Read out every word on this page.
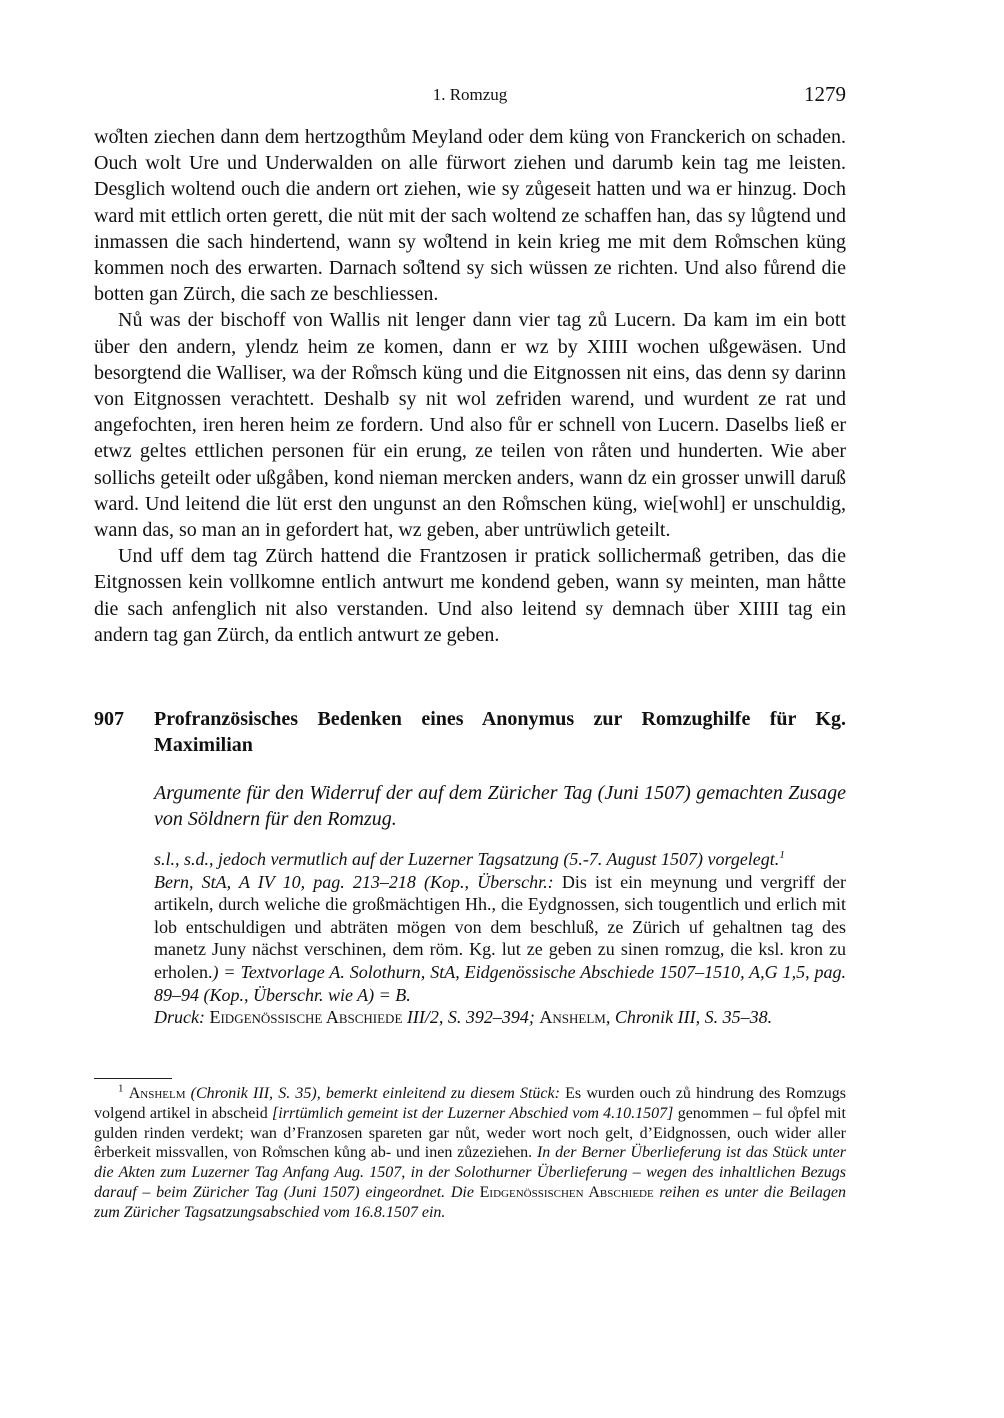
1. Romzug	1279

wo̊lten ziechen dann dem hertzogthům Meyland oder dem küng von Franckerich on schaden. Ouch wolt Ure und Underwalden on alle fürwort ziehen und darumb kein tag me leisten. Desglich woltend ouch die andern ort ziehen, wie sy zůgeseit hatten und wa er hinzug. Doch ward mit ettlich orten gerett, die nüt mit der sach woltend ze schaffen han, das sy lůgtend und inmassen die sach hindertend, wann sy wo̊ltend in kein krieg me mit dem Ro̊mschen küng kommen noch des erwarten. Darnach so̊ltend sy sich wüssen ze richten. Und also fůrend die botten gan Zürch, die sach ze beschliessen.

Nů was der bischoff von Wallis nit lenger dann vier tag zů Lucern. Da kam im ein bott über den andern, ylendz heim ze komen, dann er wz by XIIII wochen ußgewäsen. Und besorgtend die Walliser, wa der Ro̊msch küng und die Eitgnossen nit eins, das denn sy darinn von Eitgnossen verachtett. Deshalb sy nit wol zefriden warend, und wurdent ze rat und angefochten, iren heren heim ze fordern. Und also fůr er schnell von Lucern. Daselbs ließ er etwz geltes ettlichen personen für ein erung, ze teilen von råten und hunderten. Wie aber sollichs geteilt oder ußgåben, kond nieman mercken anders, wann dz ein grosser unwill daruß ward. Und leitend die lüt erst den ungunst an den Ro̊mschen küng, wie[wohl] er unschuldig, wann das, so man an in gefordert hat, wz geben, aber untrüwlich geteilt.

Und uff dem tag Zürch hattend die Frantzosen ir pratick sollichermaß getriben, das die Eitgnossen kein vollkomne entlich antwurt me kondend geben, wann sy meinten, man håtte die sach anfenglich nit also verstanden. Und also leitend sy demnach über XIIII tag ein andern tag gan Zürch, da entlich antwurt ze geben.

907 Profranzösisches Bedenken eines Anonymus zur Romzughilfe für Kg. Maximilian
Argumente für den Widerruf der auf dem Züricher Tag (Juni 1507) gemachten Zusage von Söldnern für den Romzug.

s.l., s.d., jedoch vermutlich auf der Luzerner Tagsatzung (5.-7. August 1507) vorgelegt.$^1$

Bern, StA, A IV 10, pag. 213–218 (Kop., Überschr.: Dis ist ein meynung und vergriff der artikeln, durch weliche die großmächtigen Hh., die Eydgnossen, sich tougentlich und erlich mit lob entschuldigen und abträten mögen von dem beschluß, ze Zürich uf gehaltnen tag des manetz Juny nächst verschinen, dem röm. Kg. lut ze geben zu sinen romzug, die ksl. kron zu erholen.) = Textvorlage A. Solothurn, StA, Eidgenössische Abschiede 1507–1510, A,G 1,5, pag. 89–94 (Kop., Überschr. wie A) = B.

Druck: Eidgenössische Abschiede III/2, S. 392–394; Anshelm, Chronik III, S. 35–38.

$^1$ Anshelm (Chronik III, S. 35), bemerkt einleitend zu diesem Stück: Es wurden ouch zů hindrung des Romzugs volgend artikel in abscheid [irrtümlich gemeint ist der Luzerner Abschied vom 4.10.1507] genommen – ful o̊pfel mit gulden rinden verdekt; wan d’Franzosen spareten gar nůt, weder wort noch gelt, d’Eidgnossen, ouch wider aller êrberkeit missvallen, von Ro̊mschen kůng ab- und inen zůzeziehen. In der Berner Überlieferung ist das Stück unter die Akten zum Luzerner Tag Anfang Aug. 1507, in der Solothurner Überlieferung – wegen des inhaltlichen Bezugs darauf – beim Züricher Tag (Juni 1507) eingeordnet. Die Eidgenössischen Abschiede reihen es unter die Beilagen zum Züricher Tagsatzungsabschied vom 16.8.1507 ein.
